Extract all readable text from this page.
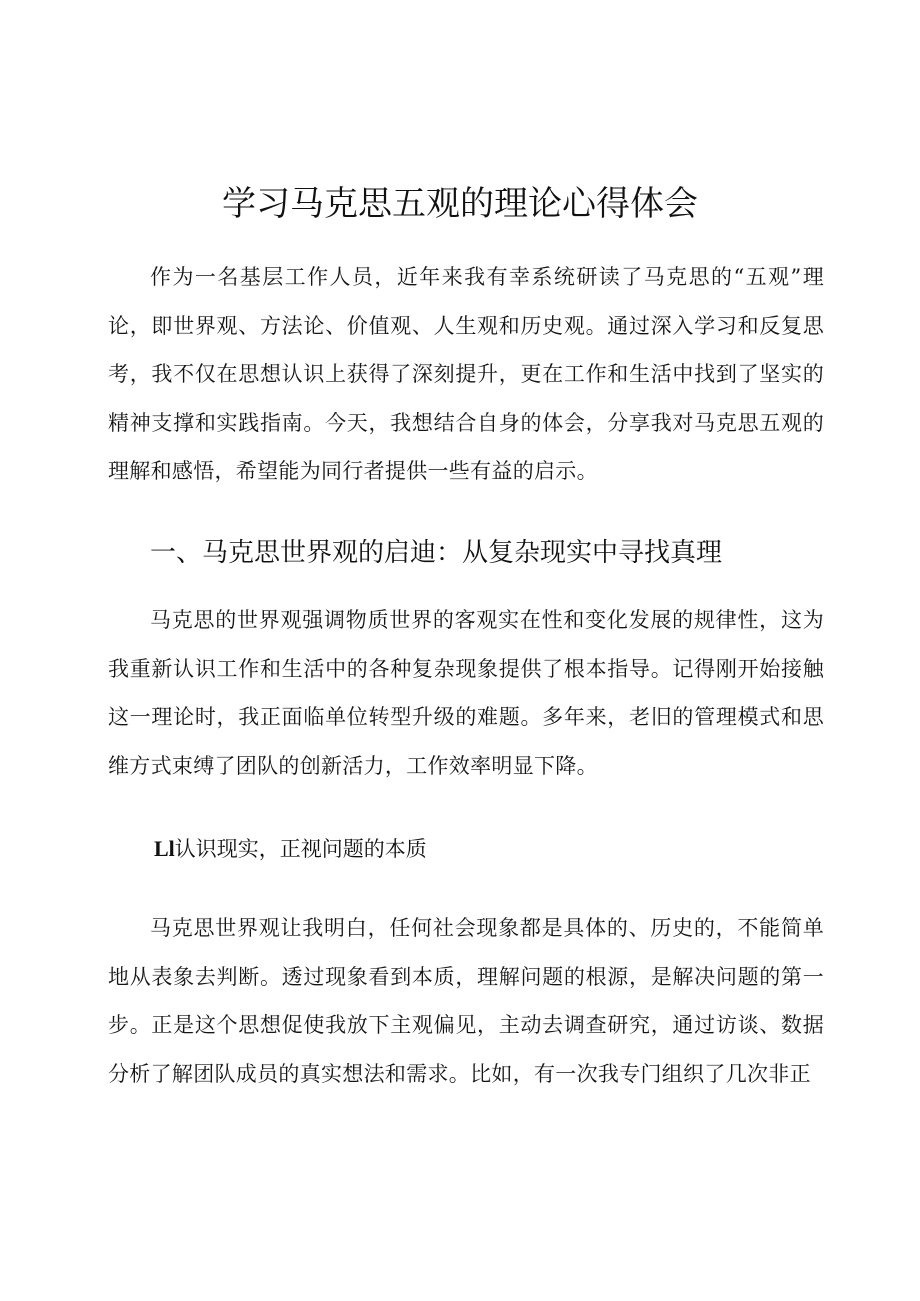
学习马克思五观的理论心得体会

作为一名基层工作人员，近年来我有幸系统研读了马克思的“五观”理论，即世界观、方法论、价值观、人生观和历史观。通过深入学习和反复思考，我不仅在思想认识上获得了深刻提升，更在工作和生活中找到了坚实的精神支撑和实践指南。今天，我想结合自身的体会，分享我对马克思五观的理解和感悟，希望能为同行者提供一些有益的启示。

一、马克思世界观的启迪：从复杂现实中寻找真理

马克思的世界观强调物质世界的客观实在性和变化发展的规律性，这为我重新认识工作和生活中的各种复杂现象提供了根本指导。记得刚开始接触这一理论时，我正面临单位转型升级的难题。多年来，老旧的管理模式和思维方式束缚了团队的创新活力，工作效率明显下降。

Ll认识现实，正视问题的本质

马克思世界观让我明白，任何社会现象都是具体的、历史的，不能简单地从表象去判断。透过现象看到本质，理解问题的根源，是解决问题的第一步。正是这个思想促使我放下主观偏见，主动去调查研究，通过访谈、数据分析了解团队成员的真实想法和需求。比如，有一次我专门组织了几次非正
